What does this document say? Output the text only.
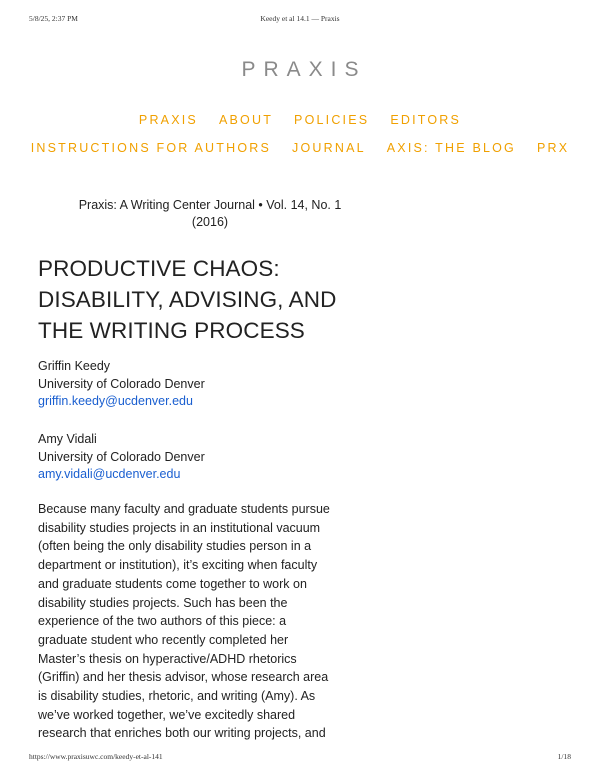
5/8/25, 2:37 PM	Keedy et al 14.1 — Praxis
PRAXIS
PRAXIS ABOUT POLICIES EDITORS
INSTRUCTIONS FOR AUTHORS JOURNAL AXIS: THE BLOG PRX
Praxis: A Writing Center Journal • Vol. 14, No. 1
(2016)
PRODUCTIVE CHAOS:
DISABILITY, ADVISING, AND
THE WRITING PROCESS
Griffin Keedy
University of Colorado Denver
griffin.keedy@ucdenver.edu
Amy Vidali
University of Colorado Denver
amy.vidali@ucdenver.edu

Because many faculty and graduate students pursue
disability studies projects in an institutional vacuum
(often being the only disability studies person in a
department or institution), it’s exciting when faculty
and graduate students come together to work on
disability studies projects. Such has been the
experience of the two authors of this piece: a
graduate student who recently completed her
Master’s thesis on hyperactive/ADHD rhetorics
(Griffin) and her thesis advisor, whose research area
is disability studies, rhetoric, and writing (Amy). As
we’ve worked together, we’ve excitedly shared
research that enriches both our writing projects, and

https://www.praxisuwc.com/keedy-et-al-141	1/18
